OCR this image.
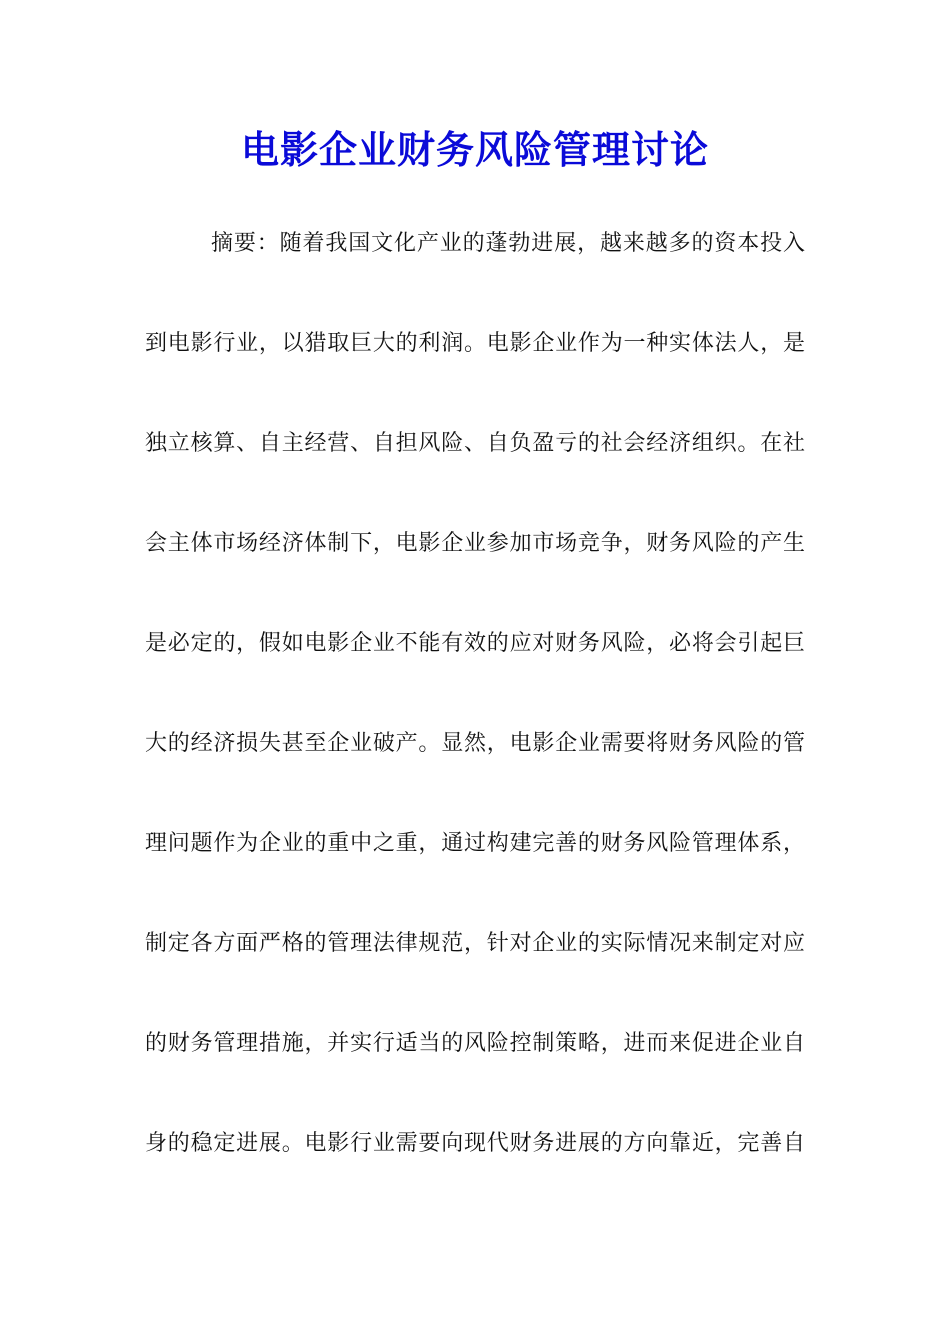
电影企业财务风险管理讨论
摘要：随着我国文化产业的蓬勃进展，越来越多的资本投入
到电影行业，以猎取巨大的利润。电影企业作为一种实体法人，是
独立核算、自主经营、自担风险、自负盈亏的社会经济组织。在社
会主体市场经济体制下，电影企业参加市场竞争，财务风险的产生
是必定的，假如电影企业不能有效的应对财务风险，必将会引起巨
大的经济损失甚至企业破产。显然，电影企业需要将财务风险的管
理问题作为企业的重中之重，通过构建完善的财务风险管理体系，
制定各方面严格的管理法律规范，针对企业的实际情况来制定对应
的财务管理措施，并实行适当的风险控制策略，进而来促进企业自
身的稳定进展。电影行业需要向现代财务进展的方向靠近，完善自
